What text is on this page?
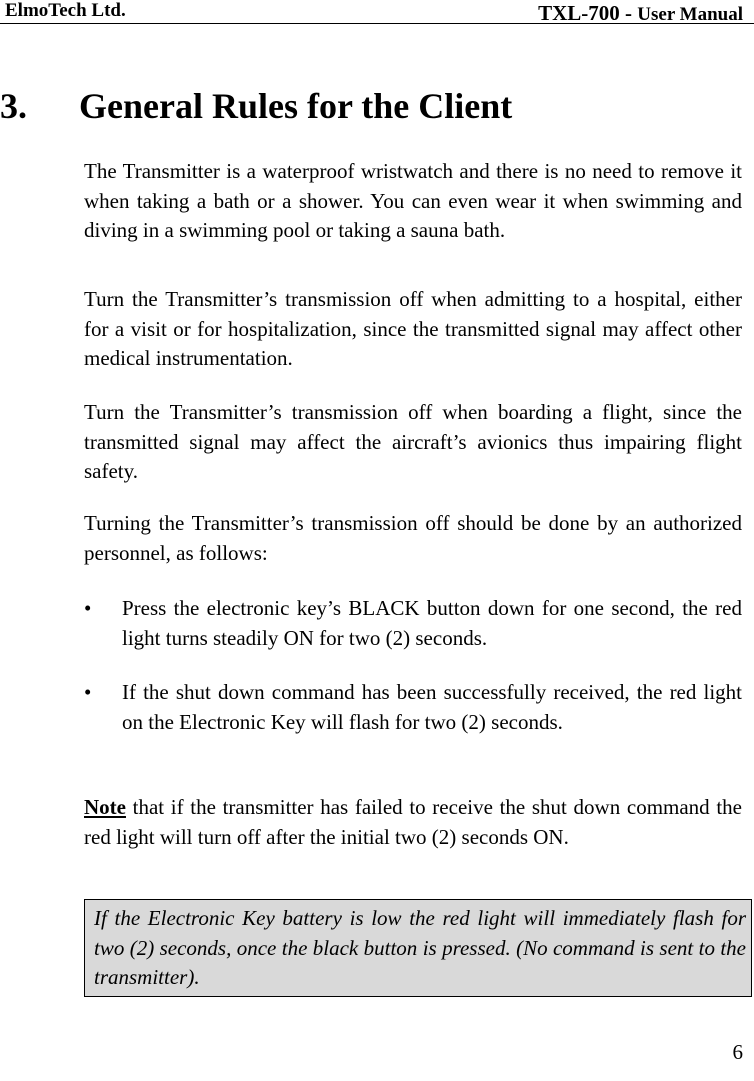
ElmoTech Ltd.	TXL-700 - User Manual
3. General Rules for the Client

The Transmitter is a waterproof wristwatch and there is no need to remove it when taking a bath or a shower. You can even wear it when swimming and diving in a swimming pool or taking a sauna bath.

Turn the Transmitter’s transmission off when admitting to a hospital, either for a visit or for hospitalization, since the transmitted signal may affect other medical instrumentation.

Turn the Transmitter’s transmission off when boarding a flight, since the transmitted signal may affect the aircraft’s avionics thus impairing flight safety.

Turning the Transmitter’s transmission off should be done by an authorized personnel, as follows:

• Press the electronic key’s BLACK button down for one second, the red light turns steadily ON for two (2) seconds.

• If the shut down command has been successfully received, the red light on the Electronic Key will flash for two (2) seconds.

Note that if the transmitter has failed to receive the shut down command the red light will turn off after the initial two (2) seconds ON.

If the Electronic Key battery is low the red light will immediately flash for two (2) seconds, once the black button is pressed. (No command is sent to the transmitter).

6
